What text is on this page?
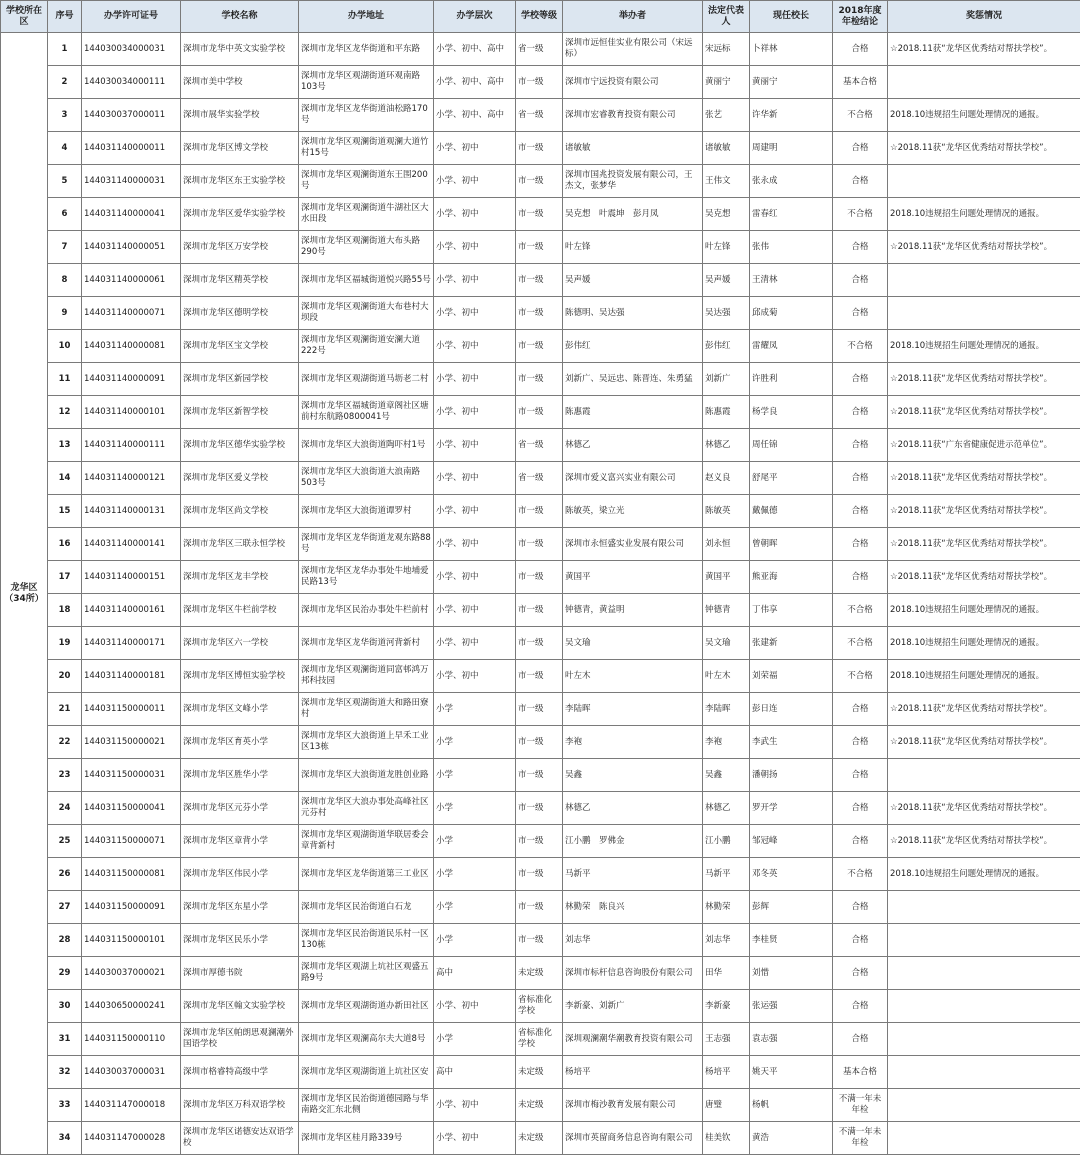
学校所在区	序号	办学许可证号	学校名称	办学地址	办学层次	学校等级	举办者	法定代表人	现任校长	2018年度年检结论	奖惩情况
龙华区（34所）	1	144030034000031	深圳市龙华中英文实验学校	深圳市龙华区龙华街道和平东路	小学、初中、高中	省一级	深圳市远恒佳实业有限公司（宋远标）	宋远标	卜祥林	合格	☆2018.11获“龙华区优秀结对帮扶学校”。
	2	144030034000111	深圳市美中学校	深圳市龙华区观湖街道环观南路103号	小学、初中、高中	市一级	深圳市宁远投资有限公司	黄丽宁	黄丽宁	基本合格	
	3	144030037000011	深圳市展华实验学校	深圳市龙华区龙华街道油松路170号	小学、初中、高中	省一级	深圳市宏睿教育投资有限公司	张艺	许华新	不合格	2018.10违规招生问题处理情况的通报。
	4	144031140000011	深圳市龙华区博文学校	深圳市龙华区观澜街道观澜大道竹村15号	小学、初中	市一级	诸敏敏	诸敏敏	周建明	合格	☆2018.11获“龙华区优秀结对帮扶学校”。
	5	144031140000031	深圳市龙华区东王实验学校	深圳市龙华区观澜街道东王围200号	小学、初中	市一级	深圳市国兆投资发展有限公司，王杰文，张梦华	王伟文	张永成	合格	
	6	144031140000041	深圳市龙华区爱华实验学校	深圳市龙华区观澜街道牛湖社区大水田段	小学、初中	市一级	吴克想　叶震坤　彭月凤	吴克想	雷春红	不合格	2018.10违规招生问题处理情况的通报。
	7	144031140000051	深圳市龙华区万安学校	深圳市龙华区观澜街道大布头路290号	小学、初中	市一级	叶左锋	叶左锋	张伟	合格	☆2018.11获“龙华区优秀结对帮扶学校”。
	8	144031140000061	深圳市龙华区精英学校	深圳市龙华区福城街道悦兴路55号	小学、初中	市一级	吴声媛	吴声媛	王清林	合格	
	9	144031140000071	深圳市龙华区德明学校	深圳市龙华区观澜街道大布巷村大坝段	小学、初中	市一级	陈德明、吴达强	吴达强	邱成菊	合格	
	10	144031140000081	深圳市龙华区宝文学校	深圳市龙华区观澜街道安澜大道222号	小学、初中	市一级	彭伟红	彭伟红	雷耀凤	不合格	2018.10违规招生问题处理情况的通报。
	11	144031140000091	深圳市龙华区新园学校	深圳市龙华区观湖街道马坜老二村	小学、初中	市一级	刘新广、吴远忠、陈晋连、朱勇猛	刘新广	许胜利	合格	☆2018.11获“龙华区优秀结对帮扶学校”。
	12	144031140000101	深圳市龙华区新智学校	深圳市龙华区福城街道章阁社区塘前村东航路0800041号	小学、初中	市一级	陈惠霞	陈惠霞	杨学良	合格	☆2018.11获“龙华区优秀结对帮扶学校”。
	13	144031140000111	深圳市龙华区德华实验学校	深圳市龙华区大浪街道陶吓村1号	小学、初中	省一级	林德乙	林德乙	周任锦	合格	☆2018.11获“广东省健康促进示范单位”。
	14	144031140000121	深圳市龙华区爱义学校	深圳市龙华区大浪街道大浪南路503号	小学、初中	省一级	深圳市爱义富兴实业有限公司	赵义良	舒尾平	合格	☆2018.11获“龙华区优秀结对帮扶学校”。
	15	144031140000131	深圳市龙华区尚文学校	深圳市龙华区大浪街道谭罗村	小学、初中	市一级	陈敏英，梁立光	陈敏英	戴佩德	合格	☆2018.11获“龙华区优秀结对帮扶学校”。
	16	144031140000141	深圳市龙华区三联永恒学校	深圳市龙华区龙华街道龙观东路88号	小学、初中	市一级	深圳市永恒盛实业发展有限公司	刘永恒	曾朝晖	合格	☆2018.11获“龙华区优秀结对帮扶学校”。
	17	144031140000151	深圳市龙华区龙丰学校	深圳市龙华区龙华办事处牛地埔爱民路13号	小学、初中	市一级	黄国平	黄国平	熊亚海	合格	☆2018.11获“龙华区优秀结对帮扶学校”。
	18	144031140000161	深圳市龙华区牛栏前学校	深圳市龙华区民治办事处牛栏前村	小学、初中	市一级	钟德青，黄益明	钟德青	丁伟享	不合格	2018.10违规招生问题处理情况的通报。
	19	144031140000171	深圳市龙华区六一学校	深圳市龙华区龙华街道河背新村	小学、初中	市一级	吴文瑜	吴文瑜	张建新	不合格	2018.10违规招生问题处理情况的通报。
	20	144031140000181	深圳市龙华区博恒实验学校	深圳市龙华区观澜街道同富邨鸿万邦科技园	小学、初中	市一级	叶左木	叶左木	刘荣福	不合格	2018.10违规招生问题处理情况的通报。
	21	144031150000011	深圳市龙华区文峰小学	深圳市龙华区观湖街道大和路田寮村	小学	市一级	李陆晖	李陆晖	彭日连	合格	☆2018.11获“龙华区优秀结对帮扶学校”。
	22	144031150000021	深圳市龙华区育英小学	深圳市龙华区大浪街道上早禾工业区13栋	小学	市一级	李袍	李袍	李武生	合格	☆2018.11获“龙华区优秀结对帮扶学校”。
	23	144031150000031	深圳市龙华区胜华小学	深圳市龙华区大浪街道龙胜创业路	小学	市一级	吴鑫	吴鑫	潘朝扬	合格	
	24	144031150000041	深圳市龙华区元芬小学	深圳市龙华区大浪办事处高峰社区元芬村	小学	市一级	林德乙	林德乙	罗开学	合格	☆2018.11获“龙华区优秀结对帮扶学校”。
	25	144031150000071	深圳市龙华区章背小学	深圳市龙华区观湖街道华联居委会章背新村	小学	市一级	江小鹏　罗佛金	江小鹏	邹冠峰	合格	☆2018.11获“龙华区优秀结对帮扶学校”。
	26	144031150000081	深圳市龙华区伟民小学	深圳市龙华区龙华街道第三工业区	小学	市一级	马新平	马新平	邓冬英	不合格	2018.10违规招生问题处理情况的通报。
	27	144031150000091	深圳市龙华区东星小学	深圳市龙华区民治街道白石龙	小学	市一级	林勤荣　陈良兴	林勤荣	彭辉	合格	
	28	144031150000101	深圳市龙华区民乐小学	深圳市龙华区民治街道民乐村一区130栋	小学	市一级	刘志华	刘志华	李桂贤	合格	
	29	144030037000021	深圳市厚德书院	深圳市龙华区观湖上坑社区观盛五路9号	高中	未定级	深圳市标杆信息咨询股份有限公司	田华	刘惜	合格	
	30	144030650000241	深圳市龙华区翰文实验学校	深圳市龙华区观湖街道办新田社区	小学、初中	省标准化学校	李新豪、刘新广	李新豪	张运强	合格	
	31	144031150000110	深圳市龙华区帕朗思观澜潮外国语学校	深圳市龙华区观澜高尔夫大道8号	小学	省标准化学校	深圳观澜潮华潮教育投资有限公司	王志强	袁志强	合格	
	32	144030037000031	深圳市格睿特高级中学	深圳市龙华区观湖街道上坑社区安	高中	未定级	杨培平	杨培平	姚天平	基本合格	
	33	144031147000018	深圳市龙华区万科双语学校	深圳市龙华区民治街道德园路与华南路交汇东北侧	小学、初中	未定级	深圳市梅沙教育发展有限公司	唐璧	杨帆	不满一年未年检	
	34	144031147000028	深圳市龙华区诺德安达双语学校	深圳市龙华区桂月路339号	小学、初中	未定级	深圳市英留商务信息咨询有限公司	桂美钦	黄浩	不满一年未年检	
